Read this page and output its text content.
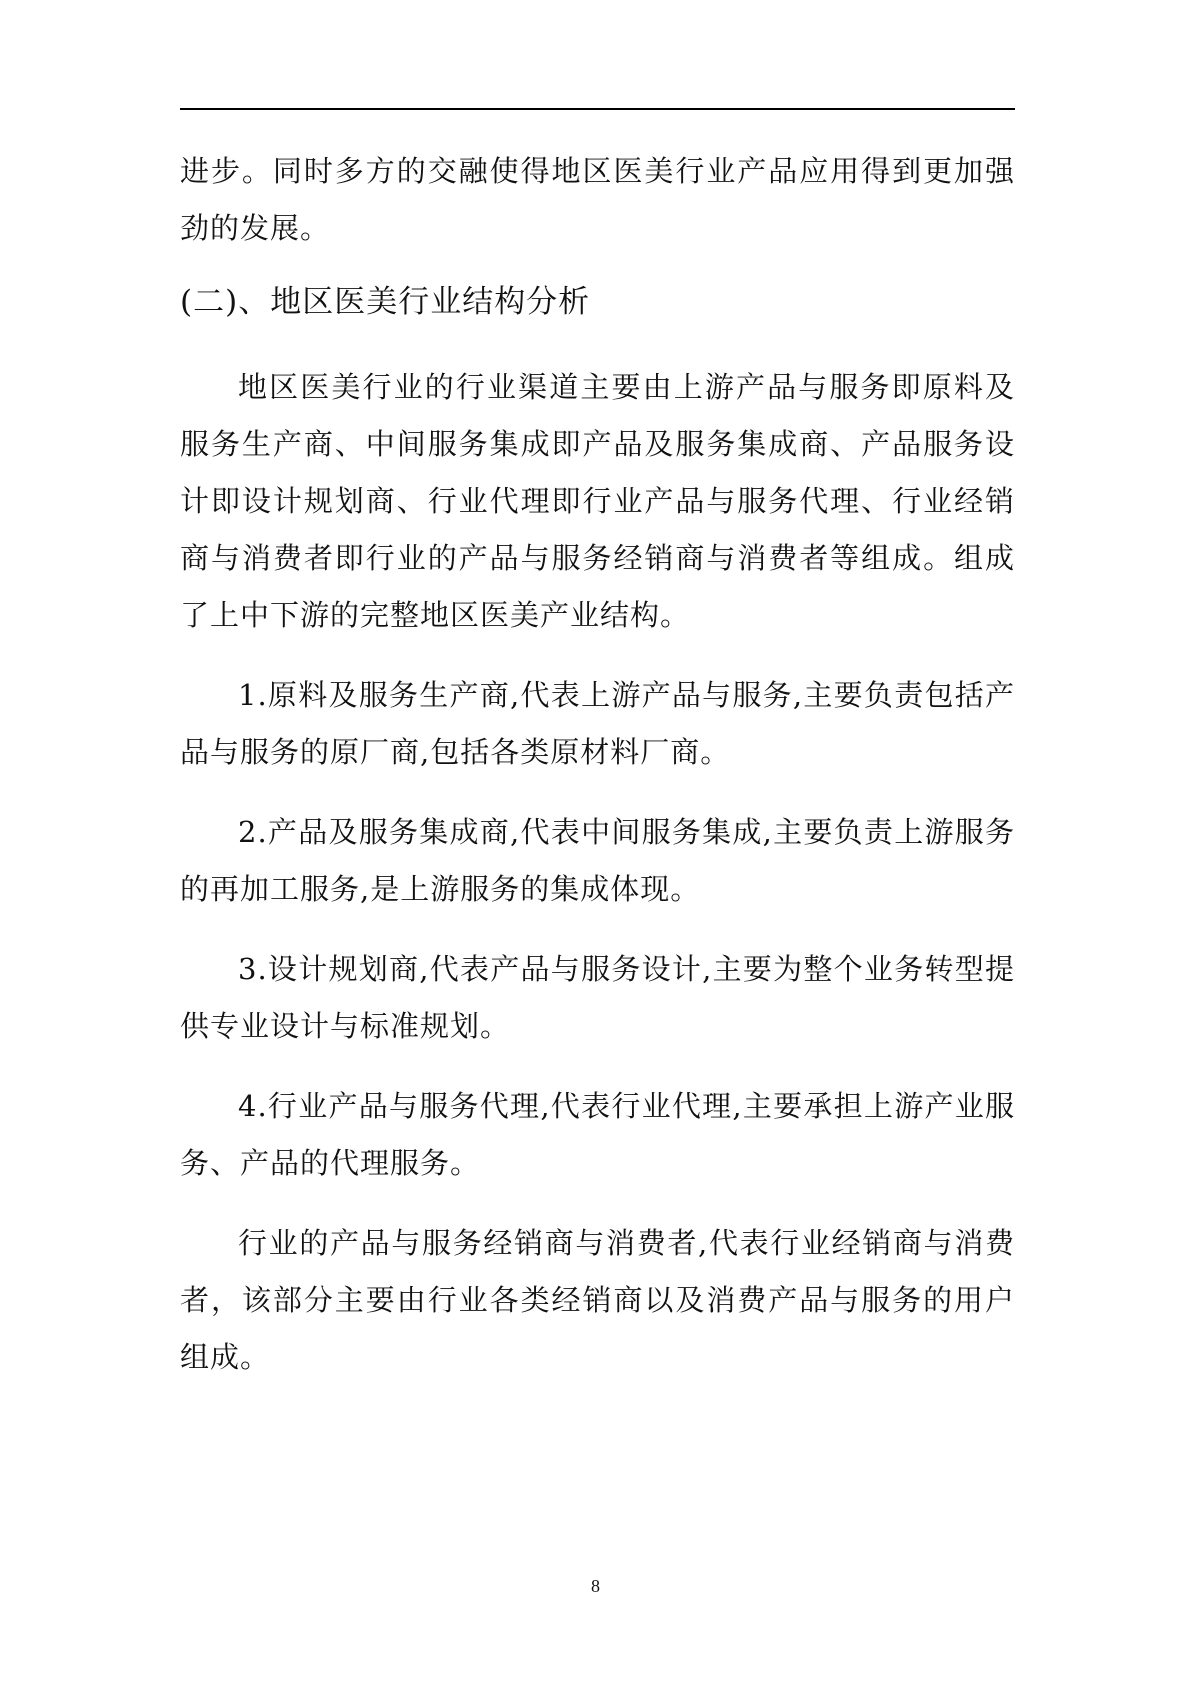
进步。同时多方的交融使得地区医美行业产品应用得到更加强劲的发展。

(二)、地区医美行业结构分析

地区医美行业的行业渠道主要由上游产品与服务即原料及服务生产商、中间服务集成即产品及服务集成商、产品服务设计即设计规划商、行业代理即行业产品与服务代理、行业经销商与消费者即行业的产品与服务经销商与消费者等组成。组成了上中下游的完整地区医美产业结构。

1.原料及服务生产商,代表上游产品与服务,主要负责包括产品与服务的原厂商,包括各类原材料厂商。

2.产品及服务集成商,代表中间服务集成,主要负责上游服务的再加工服务,是上游服务的集成体现。

3.设计规划商,代表产品与服务设计,主要为整个业务转型提供专业设计与标准规划。

4.行业产品与服务代理,代表行业代理,主要承担上游产业服务、产品的代理服务。

行业的产品与服务经销商与消费者,代表行业经销商与消费者，该部分主要由行业各类经销商以及消费产品与服务的用户组成。

8
